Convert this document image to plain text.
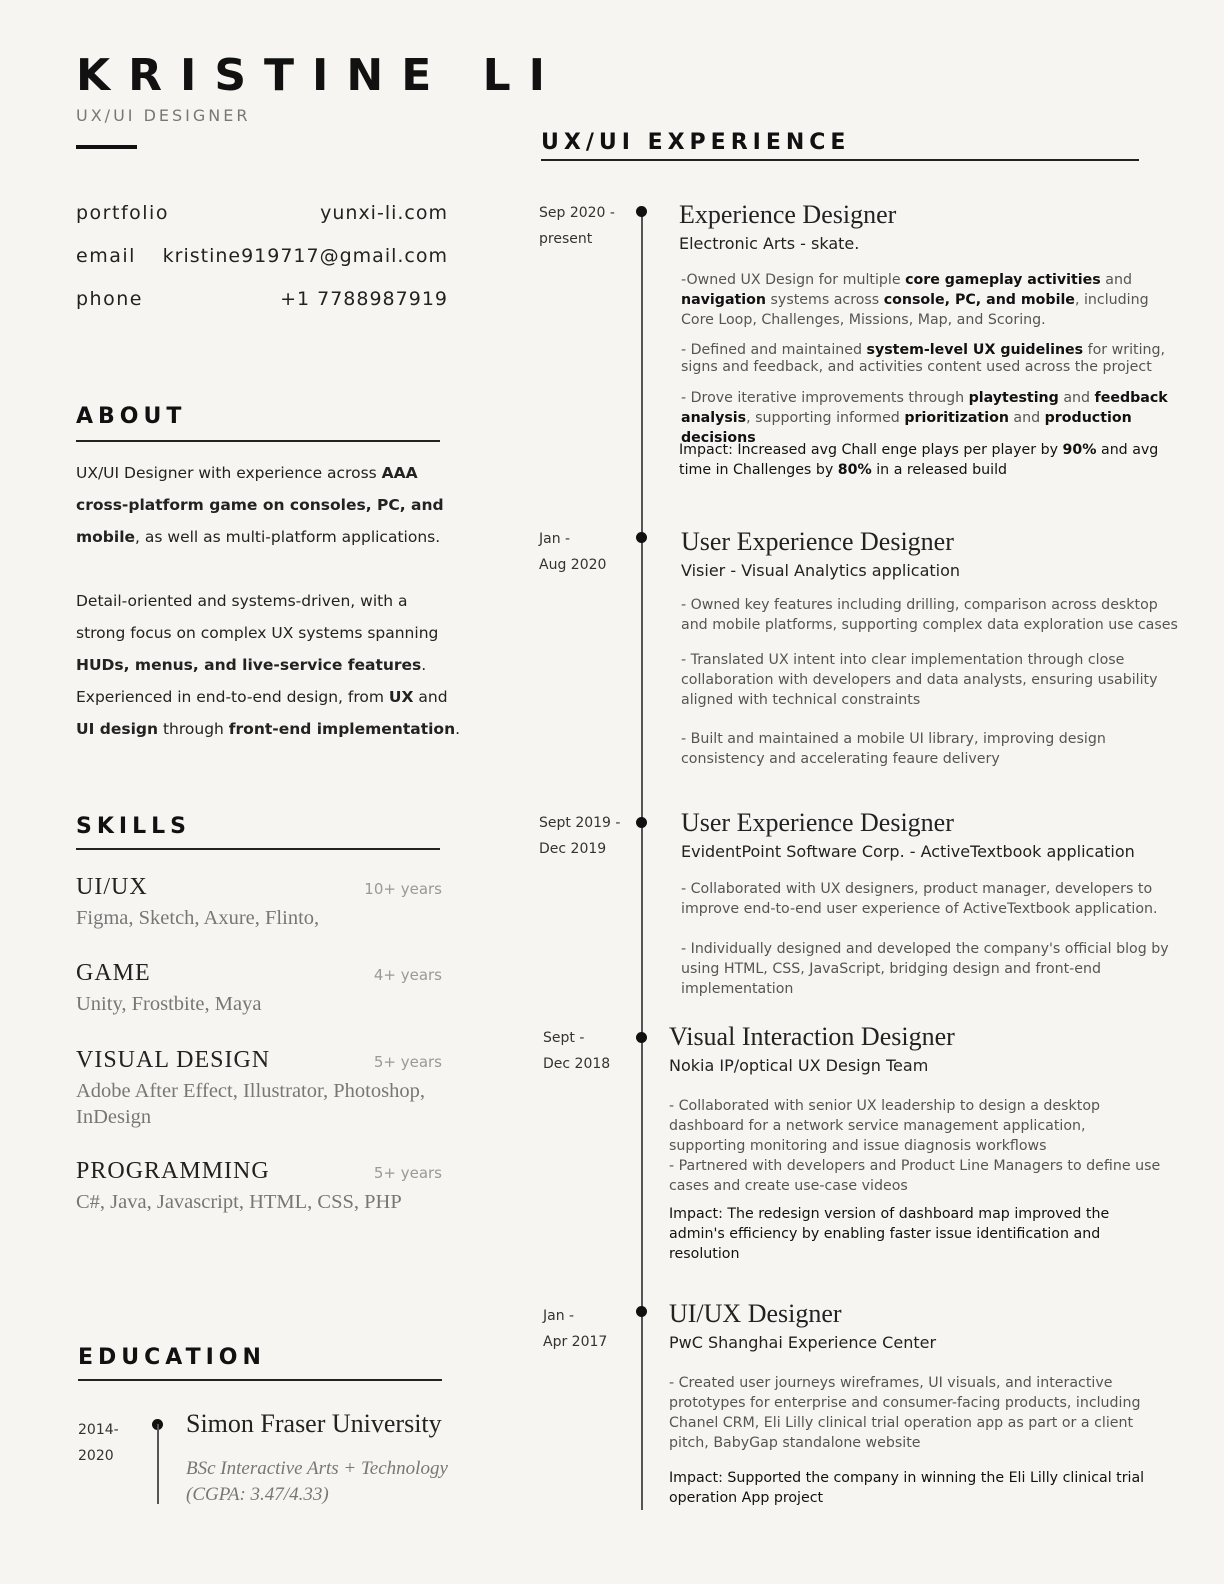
KRISTINE LI

UX/UI DESIGNER

portfolio	yunxi-li.com
email kristine919717@gmail.com
phone	+1 7788987919
ABOUT

UX/UI Designer with experience across AAA cross-platform game on consoles, PC, and mobile, as well as multi-platform applications.

Detail-oriented and systems-driven, with a strong focus on complex UX systems spanning HUDs, menus, and live-service features. Experienced in end-to-end design, from UX and UI design through front-end implementation.

SKILLS
UI/UX	10+ years
Figma, Sketch, Axure, Flinto,
GAME	4+ years
Unity, Frostbite, Maya
VISUAL DESIGN	5+ years
Adobe After Effect, Illustrator, Photoshop, InDesign
PROGRAMMING	5+ years
C#, Java, Javascript, HTML, CSS, PHP
EDUCATION
2014-
2020
Simon Fraser University
BSc Interactive Arts + Technology
(CGPA: 3.47/4.33)
UX/UI EXPERIENCE
Sep 2020 -
present
Experience Designer
Electronic Arts - skate.

-Owned UX Design for multiple core gameplay activities and navigation systems across console, PC, and mobile, including Core Loop, Challenges, Missions, Map, and Scoring.

- Defined and maintained system-level UX guidelines for writing, signs and feedback, and activities content used across the project

- Drove iterative improvements through playtesting and feedback analysis, supporting informed prioritization and production decisions

Impact: Increased avg Chall enge plays per player by 90% and avg time in Challenges by 80% in a released build

Jan -
Aug 2020
User Experience Designer
Visier - Visual Analytics application

- Owned key features including drilling, comparison across desktop and mobile platforms, supporting complex data exploration use cases

- Translated UX intent into clear implementation through close collaboration with developers and data analysts, ensuring usability aligned with technical constraints

- Built and maintained a mobile UI library, improving design consistency and accelerating feaure delivery

Sept 2019 -
Dec 2019
User Experience Designer
EvidentPoint Software Corp. - ActiveTextbook application

- Collaborated with UX designers, product manager, developers to improve end-to-end user experience of ActiveTextbook application.

- Individually designed and developed the company's official blog by using HTML, CSS, JavaScript, bridging design and front-end implementation

Sept -
Dec 2018
Visual Interaction Designer
Nokia IP/optical UX Design Team

- Collaborated with senior UX leadership to design a desktop dashboard for a network service management application, supporting monitoring and issue diagnosis workflows

- Partnered with developers and Product Line Managers to define use cases and create use-case videos

Impact: The redesign version of dashboard map improved the admin's efficiency by enabling faster issue identification and resolution

Jan -
Apr 2017
UI/UX Designer
PwC Shanghai Experience Center

- Created user journeys wireframes, UI visuals, and interactive prototypes for enterprise and consumer-facing products, including Chanel CRM, Eli Lilly clinical trial operation app as part or a client pitch, BabyGap standalone website

Impact: Supported the company in winning the Eli Lilly clinical trial operation App project
